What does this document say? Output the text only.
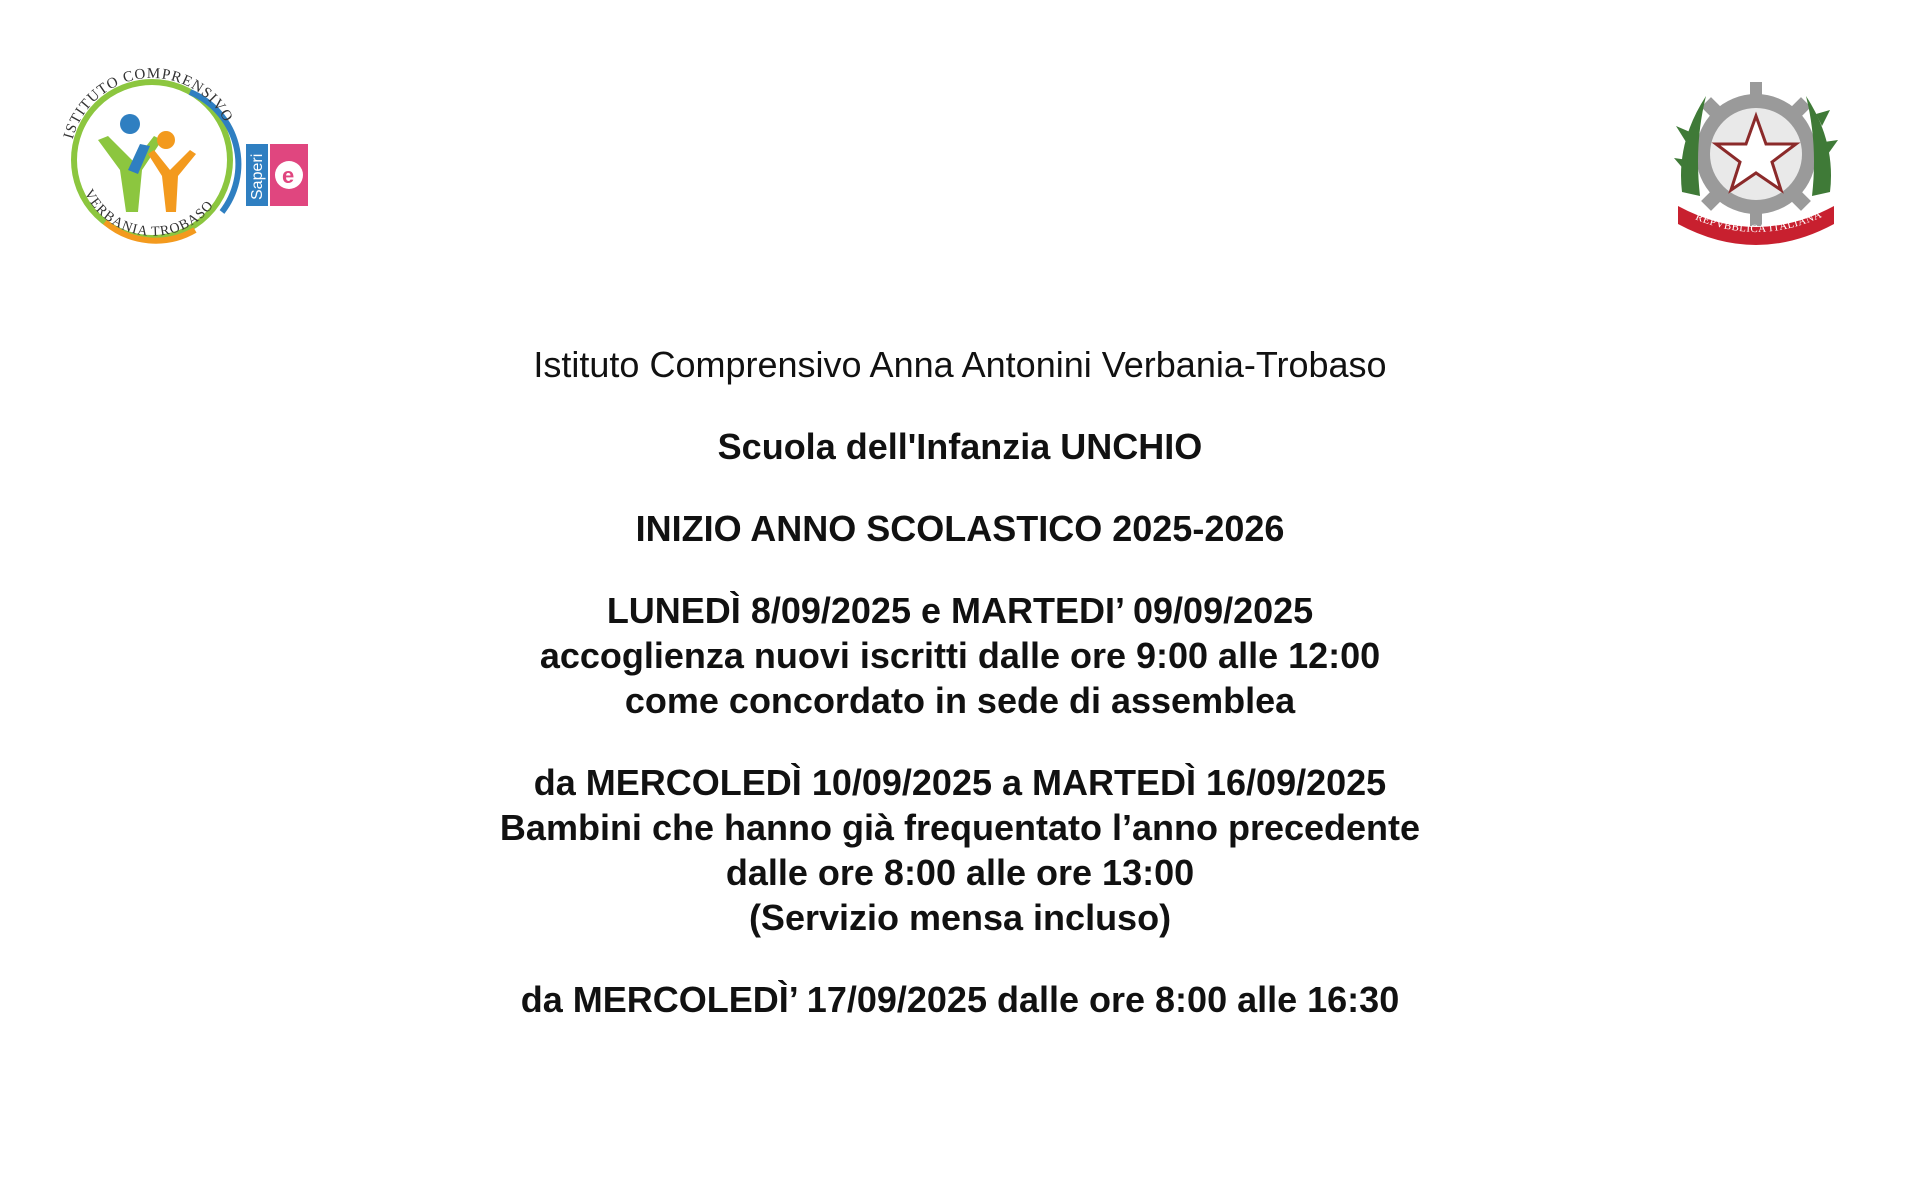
ISTITUTO COMPRENSIVO
VERBANIA TROBASO
Saperi e
REPVBBLICA ITALIANA
Istituto Comprensivo Anna Antonini Verbania-Trobaso
Scuola dell'Infanzia UNCHIO
INIZIO ANNO SCOLASTICO 2025-2026
LUNEDÌ 8/09/2025 e MARTEDI’ 09/09/2025
accoglienza nuovi iscritti dalle ore 9:00 alle 12:00
come concordato in sede di assemblea
da MERCOLEDÌ 10/09/2025 a MARTEDÌ 16/09/2025
Bambini che hanno già frequentato l’anno precedente
dalle ore 8:00 alle ore 13:00
(Servizio mensa incluso)
da MERCOLEDÌ’ 17/09/2025 dalle ore 8:00 alle 16:30
